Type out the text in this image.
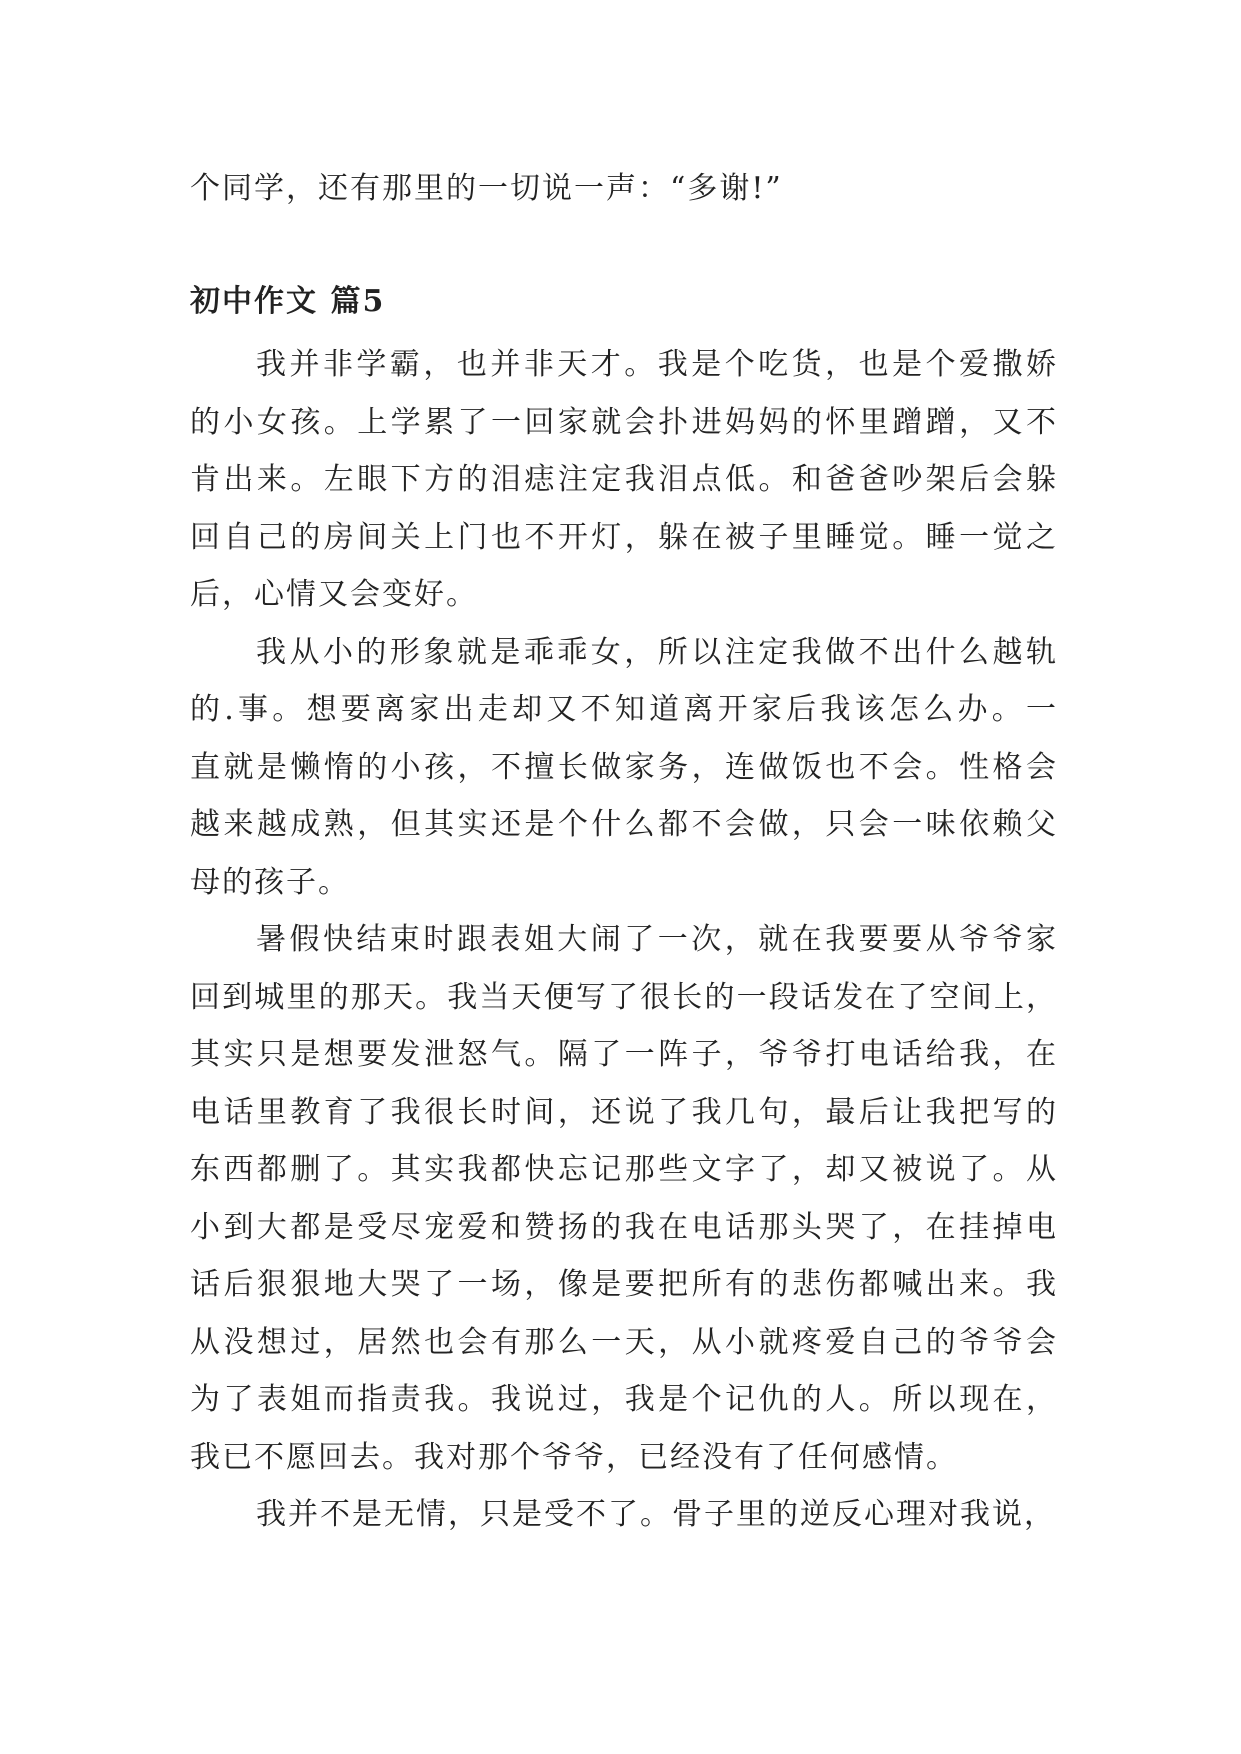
个同学，还有那里的一切说一声：“多谢!”

初中作文 篇5

我并非学霸，也并非天才。我是个吃货，也是个爱撒娇

的小女孩。上学累了一回家就会扑进妈妈的怀里蹭蹭，又不

肯出来。左眼下方的泪痣注定我泪点低。和爸爸吵架后会躲

回自己的房间关上门也不开灯，躲在被子里睡觉。睡一觉之

后，心情又会变好。

我从小的形象就是乖乖女，所以注定我做不出什么越轨

的.事。想要离家出走却又不知道离开家后我该怎么办。一

直就是懒惰的小孩，不擅长做家务，连做饭也不会。性格会

越来越成熟，但其实还是个什么都不会做，只会一味依赖父

母的孩子。

暑假快结束时跟表姐大闹了一次，就在我要要从爷爷家

回到城里的那天。我当天便写了很长的一段话发在了空间上，

其实只是想要发泄怒气。隔了一阵子，爷爷打电话给我，在

电话里教育了我很长时间，还说了我几句，最后让我把写的

东西都删了。其实我都快忘记那些文字了，却又被说了。从

小到大都是受尽宠爱和赞扬的我在电话那头哭了，在挂掉电

话后狠狠地大哭了一场，像是要把所有的悲伤都喊出来。我

从没想过，居然也会有那么一天，从小就疼爱自己的爷爷会

为了表姐而指责我。我说过，我是个记仇的人。所以现在，

我已不愿回去。我对那个爷爷，已经没有了任何感情。

我并不是无情，只是受不了。骨子里的逆反心理对我说，
